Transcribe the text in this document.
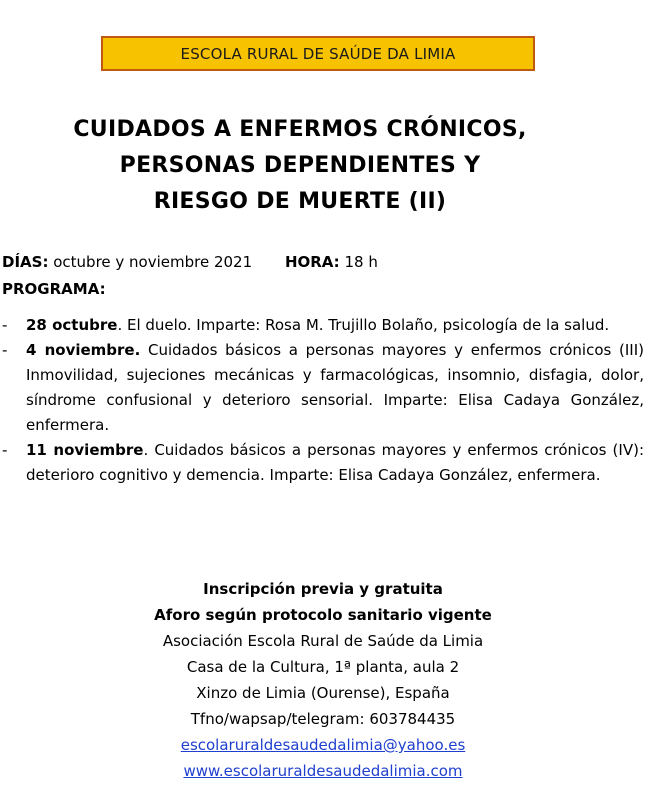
ESCOLA RURAL DE SAÚDE DA LIMIA
CUIDADOS A ENFERMOS CRÓNICOS,
PERSONAS DEPENDIENTES Y
RIESGO DE MUERTE (II)
DÍAS: octubre y noviembre 2021 HORA: 18 h
PROGRAMA:
- 28 octubre. El duelo. Imparte: Rosa M. Trujillo Bolaño, psicología de la salud.
- 4 noviembre. Cuidados básicos a personas mayores y enfermos crónicos (III) Inmovilidad, sujeciones mecánicas y farmacológicas, insomnio, disfagia, dolor, síndrome confusional y deterioro sensorial. Imparte: Elisa Cadaya González, enfermera.
- 11 noviembre. Cuidados básicos a personas mayores y enfermos crónicos (IV): deterioro cognitivo y demencia. Imparte: Elisa Cadaya González, enfermera.
Inscripción previa y gratuita
Aforo según protocolo sanitario vigente
Asociación Escola Rural de Saúde da Limia
Casa de la Cultura, 1ª planta, aula 2
Xinzo de Limia (Ourense), España
Tfno/wapsap/telegram: 603784435
escolaruraldesaudedalimia@yahoo.es
www.escolaruraldesaudedalimia.com
